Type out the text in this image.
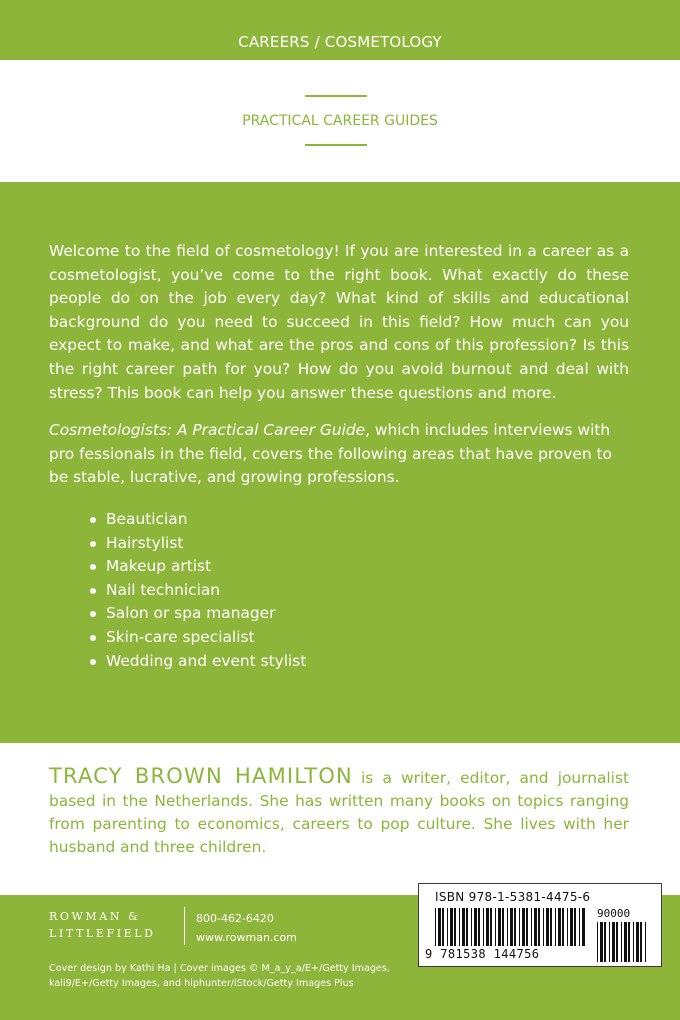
CAREERS / COSMETOLOGY
PRACTICAL CAREER GUIDES

Welcome to the field of cosmetology! If you are interested in a career as a cosmetologist, you’ve come to the right book. What exactly do these people do on the job every day? What kind of skills and educational background do you need to succeed in this field? How much can you expect to make, and what are the pros and cons of this profession? Is this the right career path for you? How do you avoid burnout and deal with stress? This book can help you answer these questions and more.

Cosmetologists: A Practical Career Guide, which includes interviews with pro fessionals in the field, covers the following areas that have proven to be stable, lucrative, and growing professions.

Beautician
Hairstylist
Makeup artist
Nail technician
Salon or spa manager
Skin-care specialist
Wedding and event stylist
TRACY BROWN HAMILTON is a writer, editor, and journalist based in the Netherlands. She has written many books on topics ranging from parenting to economics, careers to pop culture. She lives with her husband and three children.
ROWMAN &
LITTLEFIELD
800-462-6420
www.rowman.com
Cover design by Kathi Ha | Cover images © M_a_y_a/E+/Getty Images, kali9/E+/Getty Images, and hiphunter/iStock/Getty Images Plus
ISBN 978-1-5381-4475-6
9 781538 144756
90000
